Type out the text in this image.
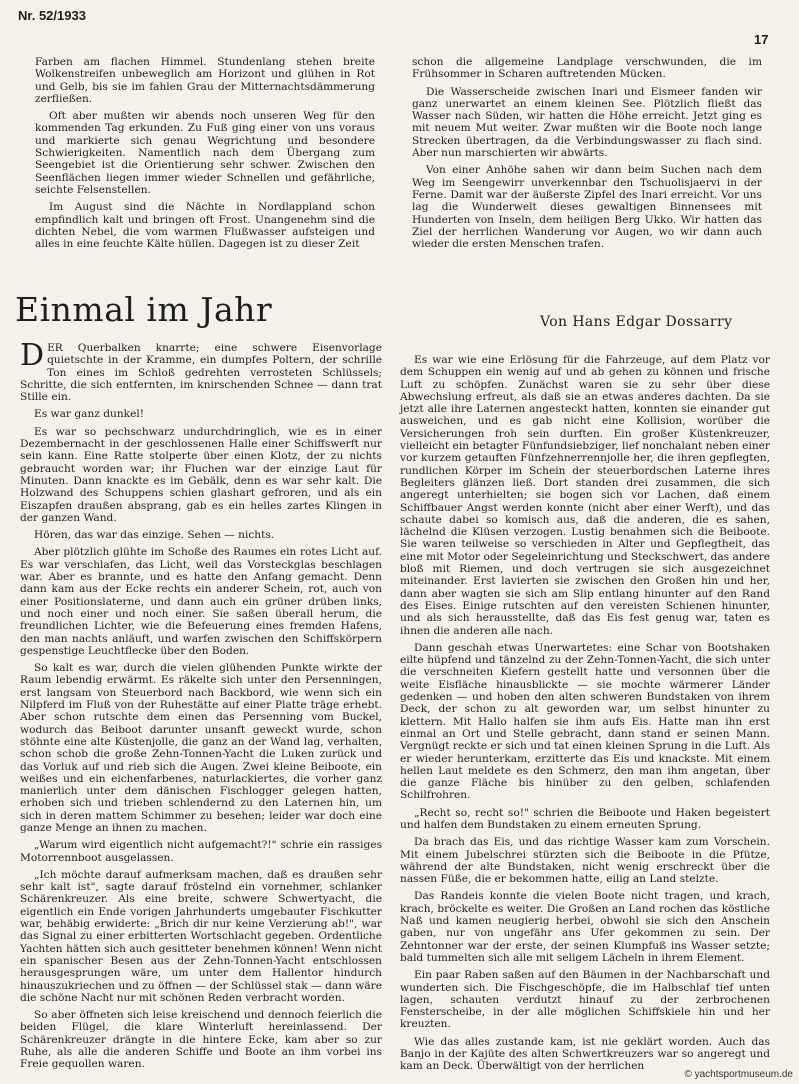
Nr. 52/1933
17

Farben am flachen Himmel. Stundenlang stehen breite Wolkenstreifen unbeweglich am Horizont und glühen in Rot und Gelb, bis sie im fahlen Grau der Mitternachtsdämmerung zerfließen.

Oft aber mußten wir abends noch unseren Weg für den kommenden Tag erkunden. Zu Fuß ging einer von uns voraus und markierte sich genau Wegrichtung und besondere Schwierigkeiten. Namentlich nach dem Übergang zum Seengebiet ist die Orientierung sehr schwer. Zwischen den Seenflächen liegen immer wieder Schnellen und gefährliche, seichte Felsenstellen.

Im August sind die Nächte in Nordlappland schon empfindlich kalt und bringen oft Frost. Unangenehm sind die dichten Nebel, die vom warmen Flußwasser aufsteigen und alles in eine feuchte Kälte hüllen. Dagegen ist zu dieser Zeit

schon die allgemeine Landplage verschwunden, die im Frühsommer in Scharen auftretenden Mücken.

Die Wasserscheide zwischen Inari und Eismeer fanden wir ganz unerwartet an einem kleinen See. Plötzlich fließt das Wasser nach Süden, wir hatten die Höhe erreicht. Jetzt ging es mit neuem Mut weiter. Zwar mußten wir die Boote noch lange Strecken übertragen, da die Verbindungswasser zu flach sind. Aber nun marschierten wir abwärts.

Von einer Anhöhe sahen wir dann beim Suchen nach dem Weg im Seengewirr unverkennbar den Tschuolisjaervi in der Ferne. Damit war der äußerste Zipfel des Inari erreicht. Vor uns lag die Wunderwelt dieses gewaltigen Binnensees mit Hunderten von Inseln, dem heiligen Berg Ukko. Wir hatten das Ziel der herrlichen Wanderung vor Augen, wo wir dann auch wieder die ersten Menschen trafen.

Einmal im Jahr	Von Hans Edgar Dossarry

DER Querbalken knarrte; eine schwere Eisenvorlage quietschte in der Kramme, ein dumpfes Poltern, der schrille Ton eines im Schloß gedrehten verrosteten Schlüssels; Schritte, die sich entfernten, im knirschenden Schnee — dann trat Stille ein.

Es war ganz dunkel!

Es war so pechschwarz undurchdringlich, wie es in einer Dezembernacht in der geschlossenen Halle einer Schiffswerft nur sein kann. Eine Ratte stolperte über einen Klotz, der zu nichts gebraucht worden war; ihr Fluchen war der einzige Laut für Minuten. Dann knackte es im Gebälk, denn es war sehr kalt. Die Holzwand des Schuppens schien glashart gefroren, und als ein Eiszapfen draußen absprang, gab es ein helles zartes Klingen in der ganzen Wand.

Hören, das war das einzige. Sehen — nichts.

Aber plötzlich glühte im Schoße des Raumes ein rotes Licht auf. Es war verschlafen, das Licht, weil das Vorsteckglas beschlagen war. Aber es brannte, und es hatte den Anfang gemacht. Denn dann kam aus der Ecke rechts ein anderer Schein, rot, auch von einer Positionslaterne, und dann auch ein grüner drüben links, und noch einer und noch einer. Sie saßen überall herum, die freundlichen Lichter, wie die Befeuerung eines fremden Hafens, den man nachts anläuft, und warfen zwischen den Schiffskörpern gespenstige Leuchtflecke über den Boden.

So kalt es war, durch die vielen glühenden Punkte wirkte der Raum lebendig erwärmt. Es räkelte sich unter den Persenningen, erst langsam von Steuerbord nach Backbord, wie wenn sich ein Nilpferd im Fluß von der Ruhestätte auf einer Platte träge erhebt. Aber schon rutschte dem einen das Persenning vom Buckel, wodurch das Beiboot darunter unsanft geweckt wurde, schon stöhnte eine alte Küstenjolle, die ganz an der Wand lag, verhalten, schon schob die große Zehn-Tonnen-Yacht die Luken zurück und das Vorluk auf und rieb sich die Augen. Zwei kleine Beiboote, ein weißes und ein eichenfarbenes, naturlackiertes, die vorher ganz manierlich unter dem dänischen Fischlogger gelegen hatten, erhoben sich und trieben schlendernd zu den Laternen hin, um sich in deren mattem Schimmer zu besehen; leider war doch eine ganze Menge an ihnen zu machen.

„Warum wird eigentlich nicht aufgemacht?!" schrie ein rassiges Motorrennboot ausgelassen.

„Ich möchte darauf aufmerksam machen, daß es draußen sehr sehr kalt ist", sagte darauf fröstelnd ein vornehmer, schlanker Schärenkreuzer. Als eine breite, schwere Schwertyacht, die eigentlich ein Ende vorigen Jahrhunderts umgebauter Fischkutter war, behäbig erwiderte: „Brich dir nur keine Verzierung ab!", war das Signal zu einer erbitterten Wortschlacht gegeben. Ordentliche Yachten hätten sich auch gesitteter benehmen können! Wenn nicht ein spanischer Besen aus der Zehn-Tonnen-Yacht entschlossen herausgesprungen wäre, um unter dem Hallentor hindurch hinauszukriechen und zu öffnen — der Schlüssel stak — dann wäre die schöne Nacht nur mit schönen Reden verbracht worden.

So aber öffneten sich leise kreischend und dennoch feierlich die beiden Flügel, die klare Winterluft hereinlassend. Der Schärenkreuzer drängte in die hintere Ecke, kam aber so zur Ruhe, als alle die anderen Schiffe und Boote an ihm vorbei ins Freie gequollen waren.

Es war wie eine Erlösung für die Fahrzeuge, auf dem Platz vor dem Schuppen ein wenig auf und ab gehen zu können und frische Luft zu schöpfen. Zunächst waren sie zu sehr über diese Abwechslung erfreut, als daß sie an etwas anderes dachten. Da sie jetzt alle ihre Laternen angesteckt hatten, konnten sie einander gut ausweichen, und es gab nicht eine Kollision, worüber die Versicherungen froh sein durften. Ein großer Küstenkreuzer, vielleicht ein betagter Fünfundsiebziger, lief nonchalant neben einer vor kurzem getauften Fünfzehnerrennjolle her, die ihren gepflegten, rundlichen Körper im Schein der steuerbordschen Laterne ihres Begleiters glänzen ließ. Dort standen drei zusammen, die sich angeregt unterhielten; sie bogen sich vor Lachen, daß einem Schiffbauer Angst werden konnte (nicht aber einer Werft), und das schaute dabei so komisch aus, daß die anderen, die es sahen, lächelnd die Klüsen verzogen. Lustig benahmen sich die Beiboote. Sie waren teilweise so verschieden in Alter und Gepflegtheit, das eine mit Motor oder Segeleinrichtung und Steckschwert, das andere bloß mit Riemen, und doch vertrugen sie sich ausgezeichnet miteinander. Erst lavierten sie zwischen den Großen hin und her, dann aber wagten sie sich am Slip entlang hinunter auf den Rand des Eises. Einige rutschten auf den vereisten Schienen hinunter, und als sich herausstellte, daß das Eis fest genug war, taten es ihnen die anderen alle nach.

Dann geschah etwas Unerwartetes: eine Schar von Bootshaken eilte hüpfend und tänzelnd zu der Zehn-Tonnen-Yacht, die sich unter die verschneiten Kiefern gestellt hatte und versonnen über die weite Eisfläche hinausblickte — sie mochte wärmerer Länder gedenken — und hoben den alten schweren Bundstaken von ihrem Deck, der schon zu alt geworden war, um selbst hinunter zu klettern. Mit Hallo halfen sie ihm aufs Eis. Hatte man ihn erst einmal an Ort und Stelle gebracht, dann stand er seinen Mann. Vergnügt reckte er sich und tat einen kleinen Sprung in die Luft. Als er wieder herunterkam, erzitterte das Eis und knackste. Mit einem hellen Laut meldete es den Schmerz, den man ihm angetan, über die ganze Fläche bis hinüber zu den gelben, schlafenden Schilfrohren.

„Recht so, recht so!" schrien die Beiboote und Haken begeistert und halfen dem Bundstaken zu einem erneuten Sprung.

Da brach das Eis, und das richtige Wasser kam zum Vorschein. Mit einem Jubelschrei stürzten sich die Beiboote in die Pfütze, während der alte Bundstaken, nicht wenig erschreckt über die nassen Füße, die er bekommen hatte, eilig an Land stelzte.

Das Randeis konnte die vielen Boote nicht tragen, und krach, krach, bröckelte es weiter. Die Großen an Land rochen das köstliche Naß und kamen neugierig herbei, obwohl sie sich den Anschein gaben, nur von ungefähr ans Ufer gekommen zu sein. Der Zehntonner war der erste, der seinen Klumpfuß ins Wasser setzte; bald tummelten sich alle mit seligem Lächeln in ihrem Element.

Ein paar Raben saßen auf den Bäumen in der Nachbarschaft und wunderten sich. Die Fischgeschöpfe, die im Halbschlaf tief unten lagen, schauten verdutzt hinauf zu der zerbrochenen Fensterscheibe, in der alle möglichen Schiffskiele hin und her kreuzten.

Wie das alles zustande kam, ist nie geklärt worden. Auch das Banjo in der Kajüte des alten Schwertkreuzers war so angeregt und kam an Deck. Überwältigt von der herrlichen

© yachtsportmuseum.de
